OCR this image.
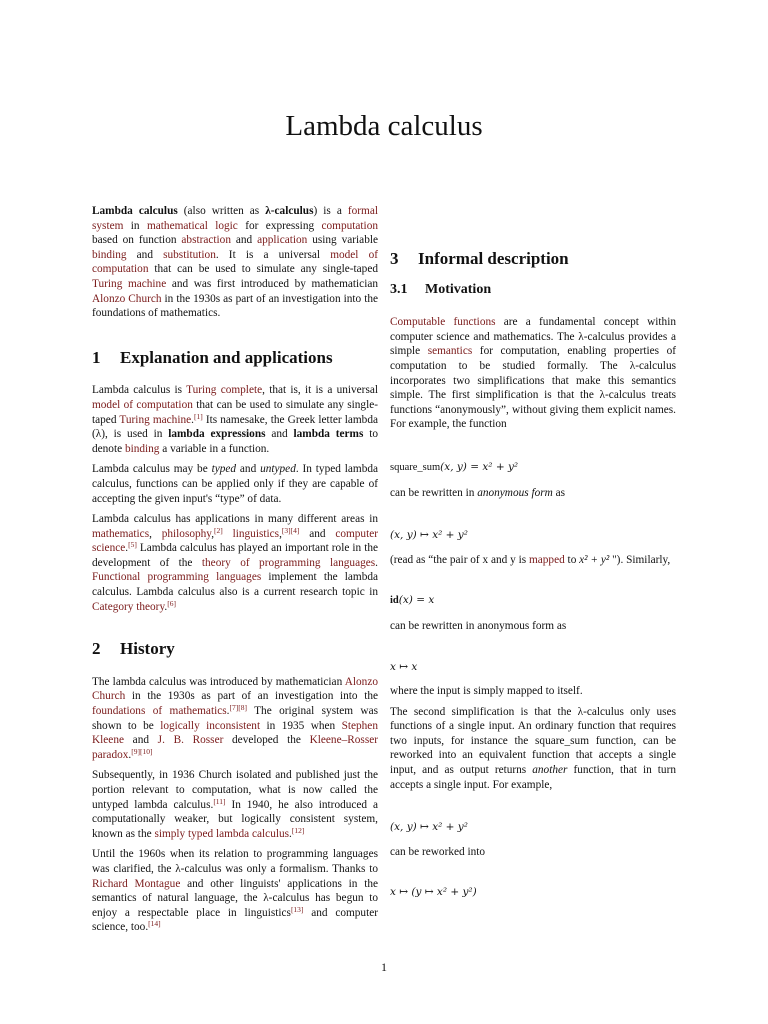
Lambda calculus

Lambda calculus (also written as λ-calculus) is a formal system in mathematical logic for expressing computation based on function abstraction and application using variable binding and substitution. It is a universal model of computation that can be used to simulate any single-taped Turing machine and was first introduced by mathematician Alonzo Church in the 1930s as part of an investigation into the foundations of mathematics.

1 Explanation and applications

Lambda calculus is Turing complete, that is, it is a universal model of computation that can be used to simulate any single-taped Turing machine.[1] Its namesake, the Greek letter lambda (λ), is used in lambda expressions and lambda terms to denote binding a variable in a function.

Lambda calculus may be typed and untyped. In typed lambda calculus, functions can be applied only if they are capable of accepting the given input's “type” of data.

Lambda calculus has applications in many different areas in mathematics, philosophy,[2] linguistics,[3][4] and computer science.[5] Lambda calculus has played an important role in the development of the theory of programming languages. Functional programming languages implement the lambda calculus. Lambda calculus also is a current research topic in Category theory.[6]

2 History

The lambda calculus was introduced by mathematician Alonzo Church in the 1930s as part of an investigation into the foundations of mathematics.[7][8] The original system was shown to be logically inconsistent in 1935 when Stephen Kleene and J. B. Rosser developed the Kleene–Rosser paradox.[9][10]

Subsequently, in 1936 Church isolated and published just the portion relevant to computation, what is now called the untyped lambda calculus.[11] In 1940, he also introduced a computationally weaker, but logically consistent system, known as the simply typed lambda calculus.[12]

Until the 1960s when its relation to programming languages was clarified, the λ-calculus was only a formalism. Thanks to Richard Montague and other linguists' applications in the semantics of natural language, the λ-calculus has begun to enjoy a respectable place in linguistics[13] and computer science, too.[14]

3 Informal description
3.1 Motivation

Computable functions are a fundamental concept within computer science and mathematics. The λ-calculus provides a simple semantics for computation, enabling properties of computation to be studied formally. The λ-calculus incorporates two simplifications that make this semantics simple. The first simplification is that the λ-calculus treats functions “anonymously”, without giving them explicit names. For example, the function

square_sum(x, y) = x² + y²

can be rewritten in anonymous form as

(x, y) ↦ x² + y²

(read as “the pair of x and y is mapped to x² + y² "). Similarly,

id(x) = x

can be rewritten in anonymous form as

x ↦ x

where the input is simply mapped to itself.

The second simplification is that the λ-calculus only uses functions of a single input. An ordinary function that requires two inputs, for instance the square_sum function, can be reworked into an equivalent function that accepts a single input, and as output returns another function, that in turn accepts a single input. For example,

(x, y) ↦ x² + y²

can be reworked into

x ↦ (y ↦ x² + y²)

1
